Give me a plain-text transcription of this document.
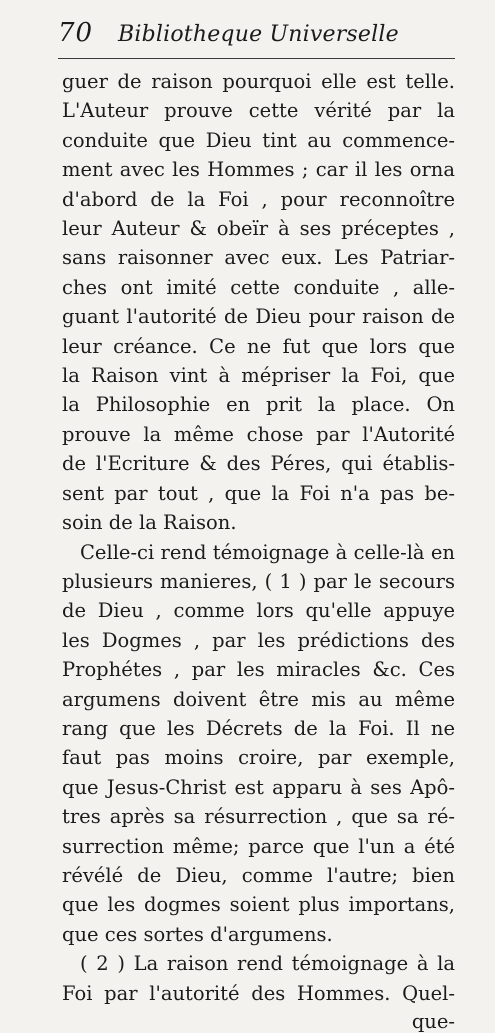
70	Bibliotheque Universelle
guer de raison pourquoi elle est telle.
L'Auteur prouve cette vérité par la
conduite que Dieu tint au commence-
ment avec les Hommes ; car il les orna
d'abord de la Foi , pour reconnoître
leur Auteur & obeïr à ses préceptes ,
sans raisonner avec eux. Les Patriar-
ches ont imité cette conduite , alle-
guant l'autorité de Dieu pour raison de
leur créance. Ce ne fut que lors que
la Raison vint à mépriser la Foi, que
la Philosophie en prit la place. On
prouve la même chose par l'Autorité
de l'Ecriture & des Péres, qui établis-
sent par tout , que la Foi n'a pas be-
soin de la Raison.
Celle-ci rend témoignage à celle-là en
plusieurs manieres, ( 1 ) par le secours
de Dieu , comme lors qu'elle appuye
les Dogmes , par les prédictions des
Prophétes , par les miracles &c. Ces
argumens doivent être mis au même
rang que les Décrets de la Foi. Il ne
faut pas moins croire, par exemple,
que Jesus-Christ est apparu à ses Apô-
tres après sa résurrection , que sa ré-
surrection même; parce que l'un a été
révélé de Dieu, comme l'autre; bien
que les dogmes soient plus importans,
que ces sortes d'argumens.
( 2 ) La raison rend témoignage à la
Foi par l'autorité des Hommes. Quel-
que-
